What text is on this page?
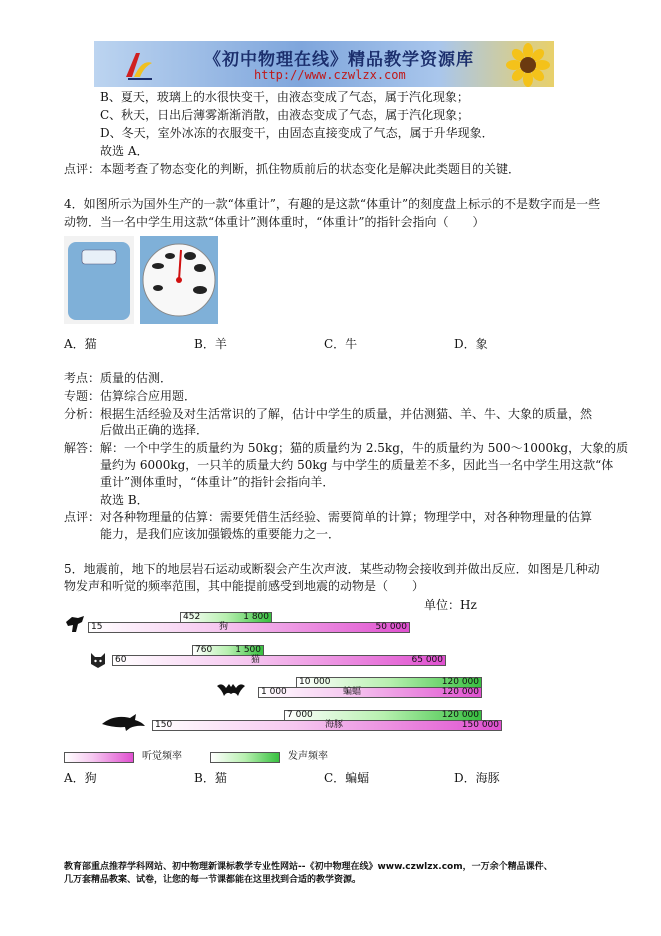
《初中物理在线》精品教学资源库
http://www.czwlzx.com
B、夏天，玻璃上的水很快变干，由液态变成了气态，属于汽化现象；
C、秋天，日出后薄雾渐渐消散，由液态变成了气态，属于汽化现象；
D、冬天，室外冰冻的衣服变干，由固态直接变成了气态，属于升华现象．
故选 A．
点评： 本题考查了物态变化的判断，抓住物质前后的状态变化是解决此类题目的关键．
4．如图所示为国外生产的一款“体重计”，有趣的是这款“体重计”的刻度盘上标示的不是数字而是一些
动物．当一名中学生用这款“体重计”测体重时，“体重计”的指针会指向（　　）
A．猫	B．羊	C．牛	D．象
考点： 质量的估测．
专题： 估算综合应用题．
分析： 根据生活经验及对生活常识的了解，估计中学生的质量，并估测猫、羊、牛、大象的质量，然
后做出正确的选择．
解答： 解：一个中学生的质量约为 50kg；猫的质量约为 2.5kg，牛的质量约为 500～1000kg，大象的质
量约为 6000kg，一只羊的质量大约 50kg 与中学生的质量差不多，因此当一名中学生用这款“体
重计”测体重时，“体重计”的指针会指向羊．
故选 B．
点评： 对各种物理量的估算：需要凭借生活经验、需要简单的计算；物理学中，对各种物理量的估算
能力，是我们应该加强锻炼的重要能力之一．
5．地震前，地下的地层岩石运动或断裂会产生次声波．某些动物会接收到并做出反应．如图是几种动
物发声和听觉的频率范围，其中能提前感受到地震的动物是（　　）
单位：Hz
452	1 800
15	狗	50 000
760	1 500
60	猫	65 000
10 000	120 000
1 000	蝙蝠	120 000
7 000	120 000
150	海豚	150 000
听觉频率	发声频率
A．狗	B．猫	C．蝙蝠	D．海豚
教育部重点推荐学科网站、初中物理新课标教学专业性网站--《初中物理在线》www.czwlzx.com，一万余个精品课件、
几万套精品教案、试卷，让您的每一节课都能在这里找到合适的教学资源。
